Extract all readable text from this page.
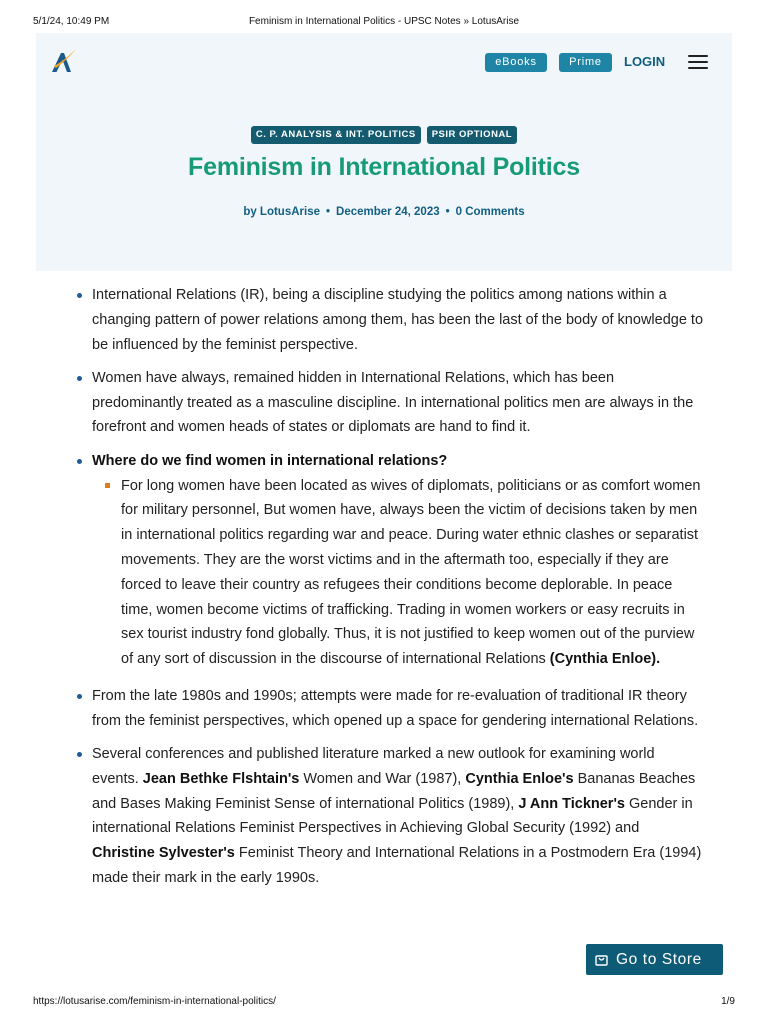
5/1/24, 10:49 PM	Feminism in International Politics - UPSC Notes » LotusArise
eBooks	Prime	LOGIN
C. P. ANALYSIS & INT. POLITICS PSIR OPTIONAL
Feminism in International Politics
by LotusArise • December 24, 2023 • 0 Comments
International Relations (IR), being a discipline studying the politics among nations within a changing pattern of power relations among them, has been the last of the body of knowledge to be influenced by the feminist perspective.
Women have always, remained hidden in International Relations, which has been predominantly treated as a masculine discipline. In international politics men are always in the forefront and women heads of states or diplomats are hand to find it.
Where do we find women in international relations?
For long women have been located as wives of diplomats, politicians or as comfort women for military personnel, But women have, always been the victim of decisions taken by men in international politics regarding war and peace. During water ethnic clashes or separatist movements. They are the worst victims and in the aftermath too, especially if they are forced to leave their country as refugees their conditions become deplorable. In peace time, women become victims of trafficking. Trading in women workers or easy recruits in sex tourist industry fond globally. Thus, it is not justified to keep women out of the purview of any sort of discussion in the discourse of international Relations (Cynthia Enloe).
From the late 1980s and 1990s; attempts were made for re-evaluation of traditional IR theory from the feminist perspectives, which opened up a space for gendering international Relations.
Several conferences and published literature marked a new outlook for examining world events. Jean Bethke Flshtain's Women and War (1987), Cynthia Enloe's Bananas Beaches and Bases Making Feminist Sense of international Politics (1989), J Ann Tickner's Gender in international Relations Feminist Perspectives in Achieving Global Security (1992) and Christine Sylvester's Feminist Theory and International Relations in a Postmodern Era (1994) made their mark in the early 1990s.
Go to Store
https://lotusarise.com/feminism-in-international-politics/	1/9
